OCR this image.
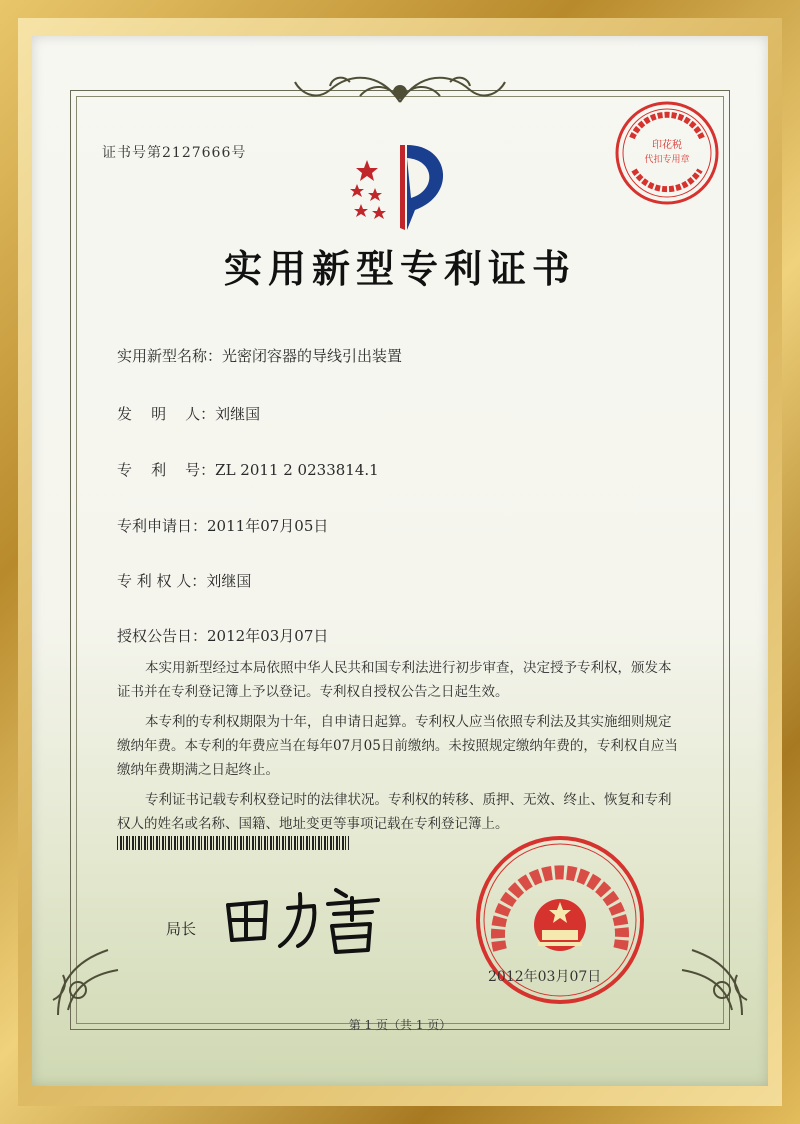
证书号第2127666号	印花税
代扣专用章
实用新型专利证书
实用新型名称：光密闭容器的导线引出装置
发    明    人：刘继国
专    利    号：ZL 2011 2 0233814.1
专利申请日：2011年07月05日
专 利 权 人：刘继国
授权公告日：2012年03月07日

本实用新型经过本局依照中华人民共和国专利法进行初步审查，决定授予专利权，颁发本证书并在专利登记簿上予以登记。专利权自授权公告之日起生效。

本专利的专利权期限为十年，自申请日起算。专利权人应当依照专利法及其实施细则规定缴纳年费。本专利的年费应当在每年07月05日前缴纳。未按照规定缴纳年费的，专利权自应当缴纳年费期满之日起终止。

专利证书记载专利权登记时的法律状况。专利权的转移、质押、无效、终止、恢复和专利权人的姓名或名称、国籍、地址变更等事项记载在专利登记簿上。

局长
2012年03月07日
第 1 页（共 1 页）
